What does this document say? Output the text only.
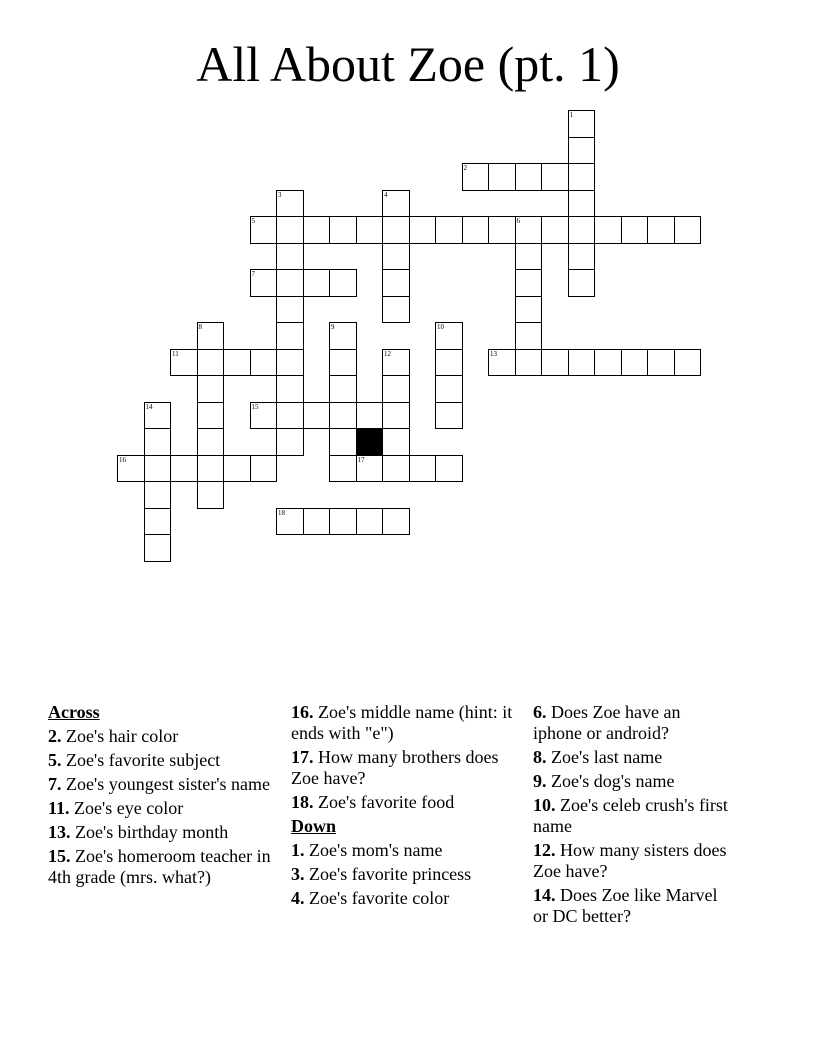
All About Zoe (pt. 1)
2
5	6
7
11	13
15
16	17
18
1
3	4
8	9
12
10
14
Across
2. Zoe's hair color
5. Zoe's favorite subject
7. Zoe's youngest sister's name
11. Zoe's eye color
13. Zoe's birthday month
15. Zoe's homeroom teacher in 4th grade (mrs. what?)
16. Zoe's middle name (hint: it ends with "e")
17. How many brothers does Zoe have?
18. Zoe's favorite food
Down
1. Zoe's mom's name
3. Zoe's favorite princess
4. Zoe's favorite color
6. Does Zoe have an iphone or android?
8. Zoe's last name
9. Zoe's dog's name
10. Zoe's celeb crush's first name
12. How many sisters does Zoe have?
14. Does Zoe like Marvel or DC better?
